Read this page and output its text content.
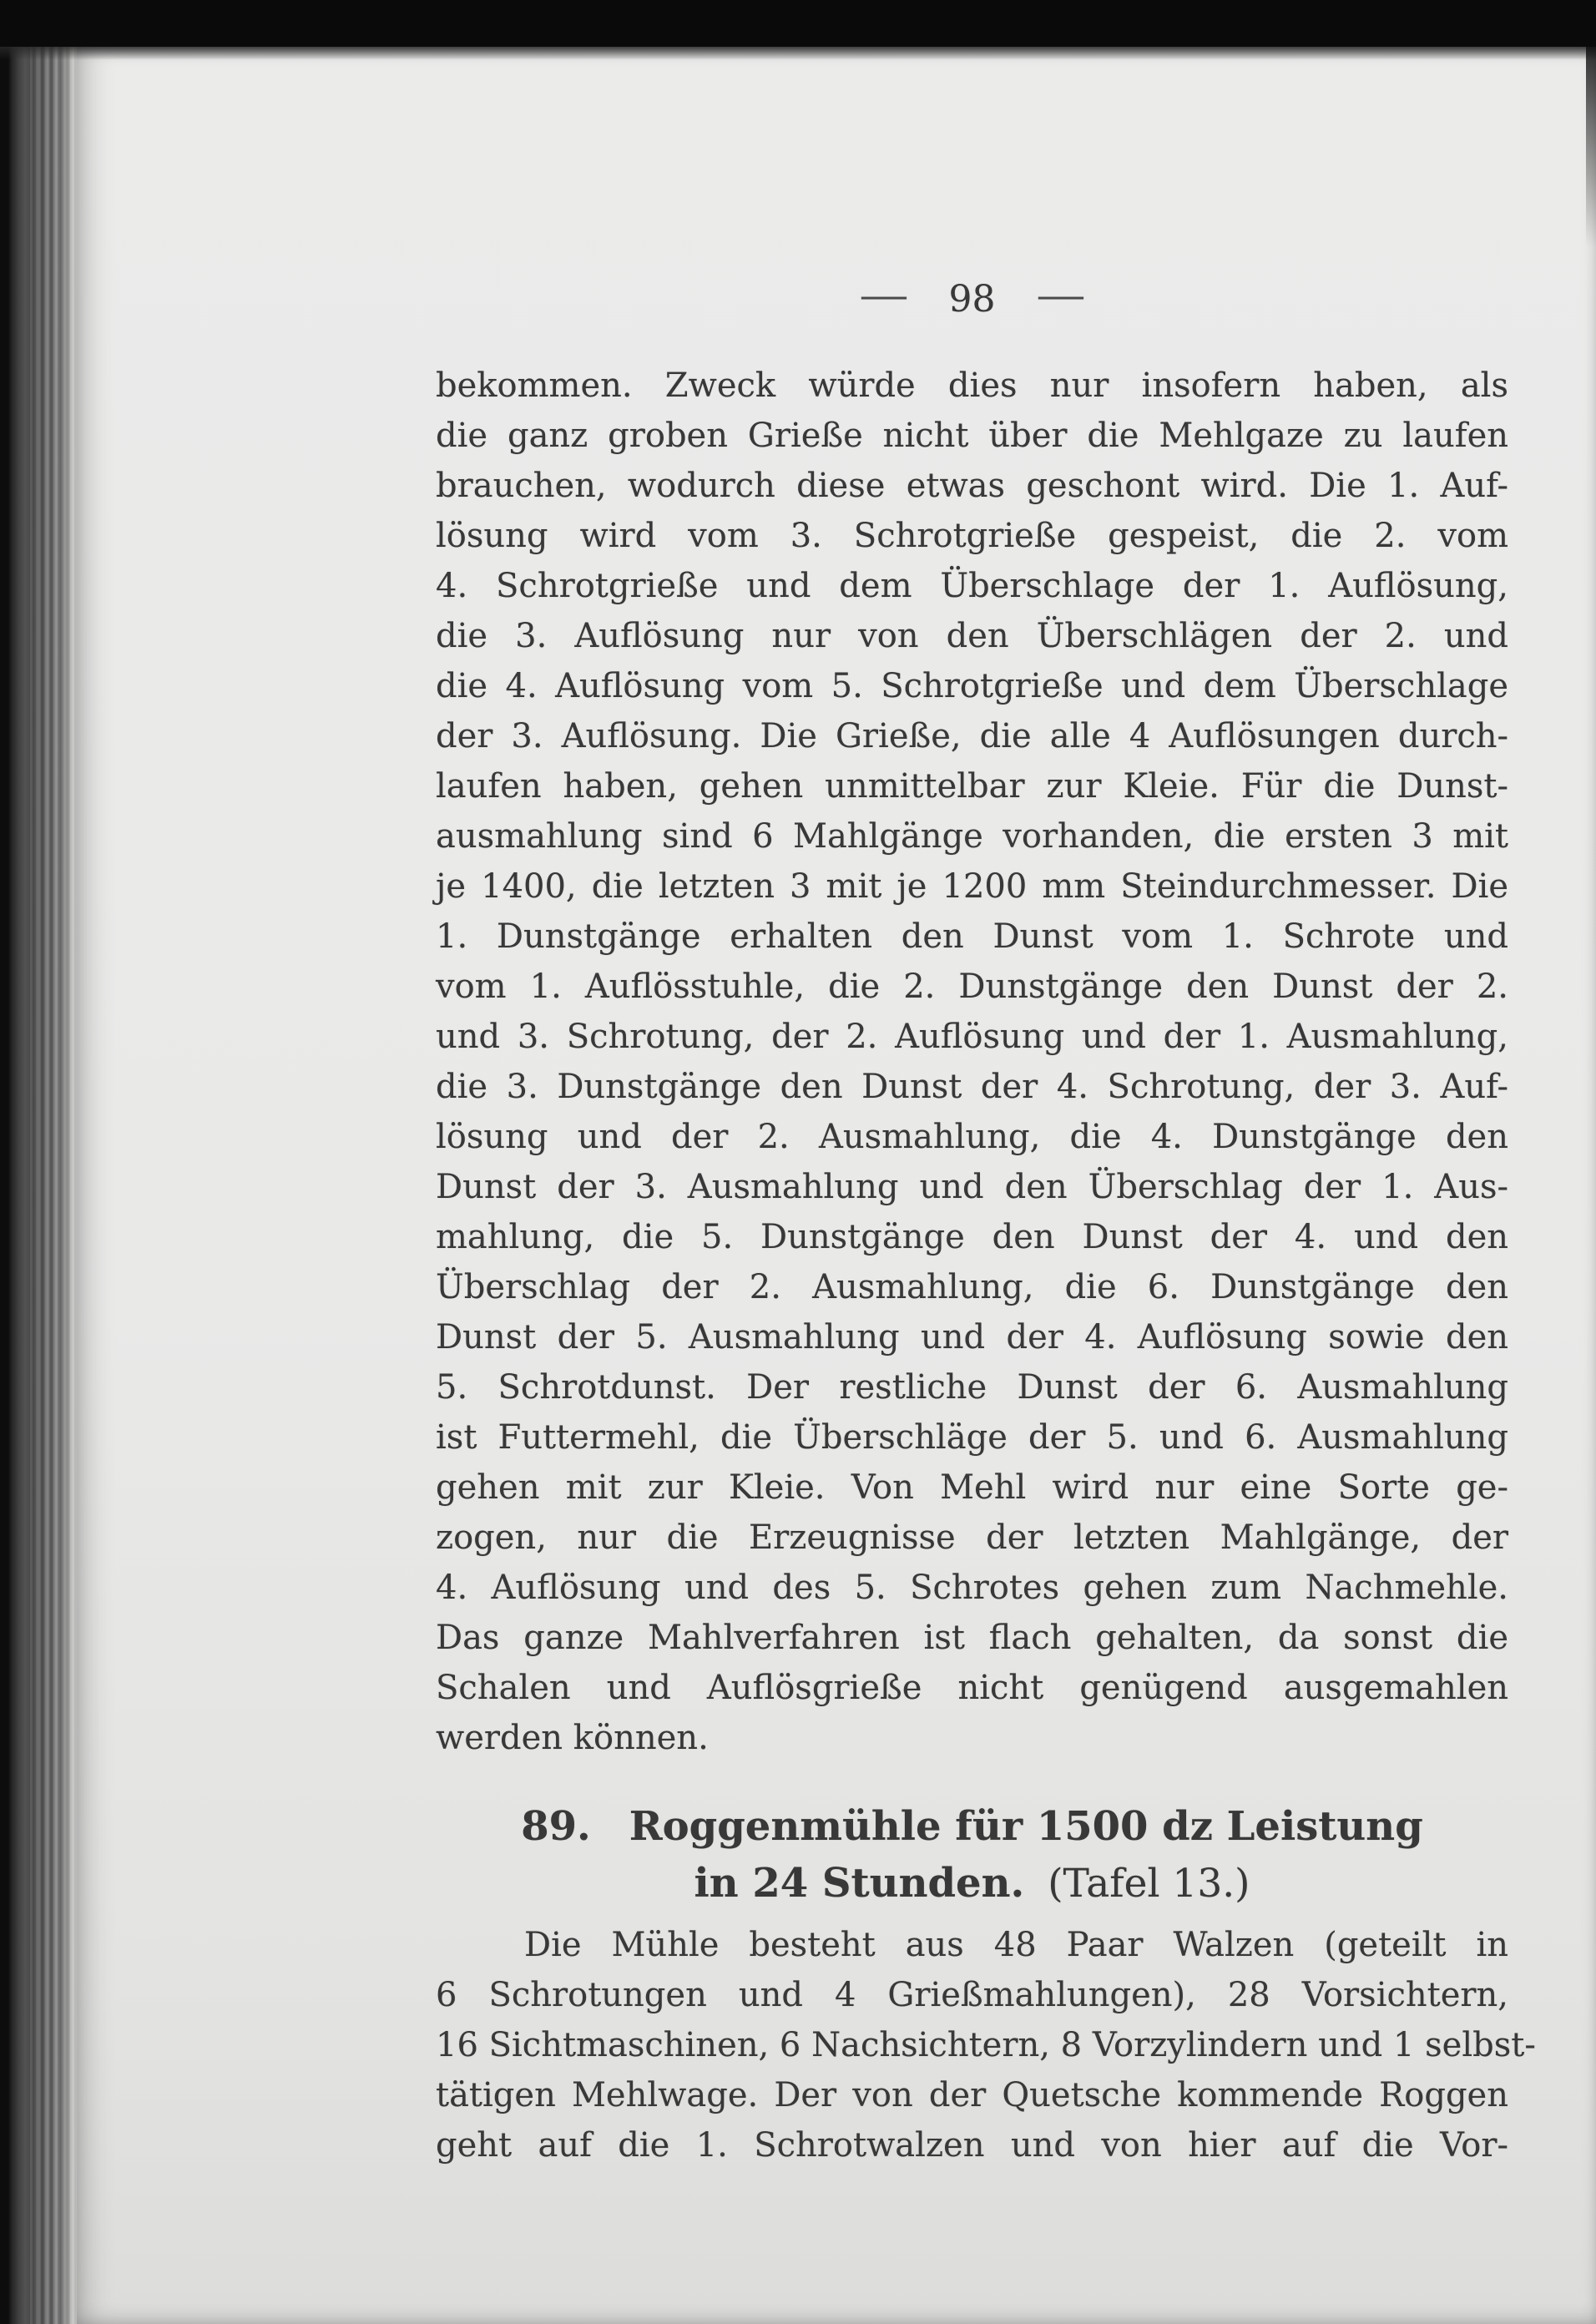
— 98 —
bekommen. Zweck würde dies nur insofern haben, als
die ganz groben Grieße nicht über die Mehlgaze zu laufen
brauchen, wodurch diese etwas geschont wird. Die 1. Auf-
lösung wird vom 3. Schrotgrieße gespeist, die 2. vom
4. Schrotgrieße und dem Überschlage der 1. Auflösung,
die 3. Auflösung nur von den Überschlägen der 2. und
die 4. Auflösung vom 5. Schrotgrieße und dem Überschlage
der 3. Auflösung. Die Grieße, die alle 4 Auflösungen durch-
laufen haben, gehen unmittelbar zur Kleie. Für die Dunst-
ausmahlung sind 6 Mahlgänge vorhanden, die ersten 3 mit
je 1400, die letzten 3 mit je 1200 mm Steindurchmesser. Die
1. Dunstgänge erhalten den Dunst vom 1. Schrote und
vom 1. Auflösstuhle, die 2. Dunstgänge den Dunst der 2.
und 3. Schrotung, der 2. Auflösung und der 1. Ausmahlung,
die 3. Dunstgänge den Dunst der 4. Schrotung, der 3. Auf-
lösung und der 2. Ausmahlung, die 4. Dunstgänge den
Dunst der 3. Ausmahlung und den Überschlag der 1. Aus-
mahlung, die 5. Dunstgänge den Dunst der 4. und den
Überschlag der 2. Ausmahlung, die 6. Dunstgänge den
Dunst der 5. Ausmahlung und der 4. Auflösung sowie den
5. Schrotdunst. Der restliche Dunst der 6. Ausmahlung
ist Futtermehl, die Überschläge der 5. und 6. Ausmahlung
gehen mit zur Kleie. Von Mehl wird nur eine Sorte ge-
zogen, nur die Erzeugnisse der letzten Mahlgänge, der
4. Auflösung und des 5. Schrotes gehen zum Nachmehle.
Das ganze Mahlverfahren ist flach gehalten, da sonst die
Schalen und Auflösgrieße nicht genügend ausgemahlen
werden können.
89. Roggenmühle für 1500 dz Leistung
in 24 Stunden. (Tafel 13.)
Die Mühle besteht aus 48 Paar Walzen (geteilt in
6 Schrotungen und 4 Grießmahlungen), 28 Vorsichtern,
16 Sichtmaschinen, 6 Nachsichtern, 8 Vorzylindern und 1 selbst-
tätigen Mehlwage. Der von der Quetsche kommende Roggen
geht auf die 1. Schrotwalzen und von hier auf die Vor-
